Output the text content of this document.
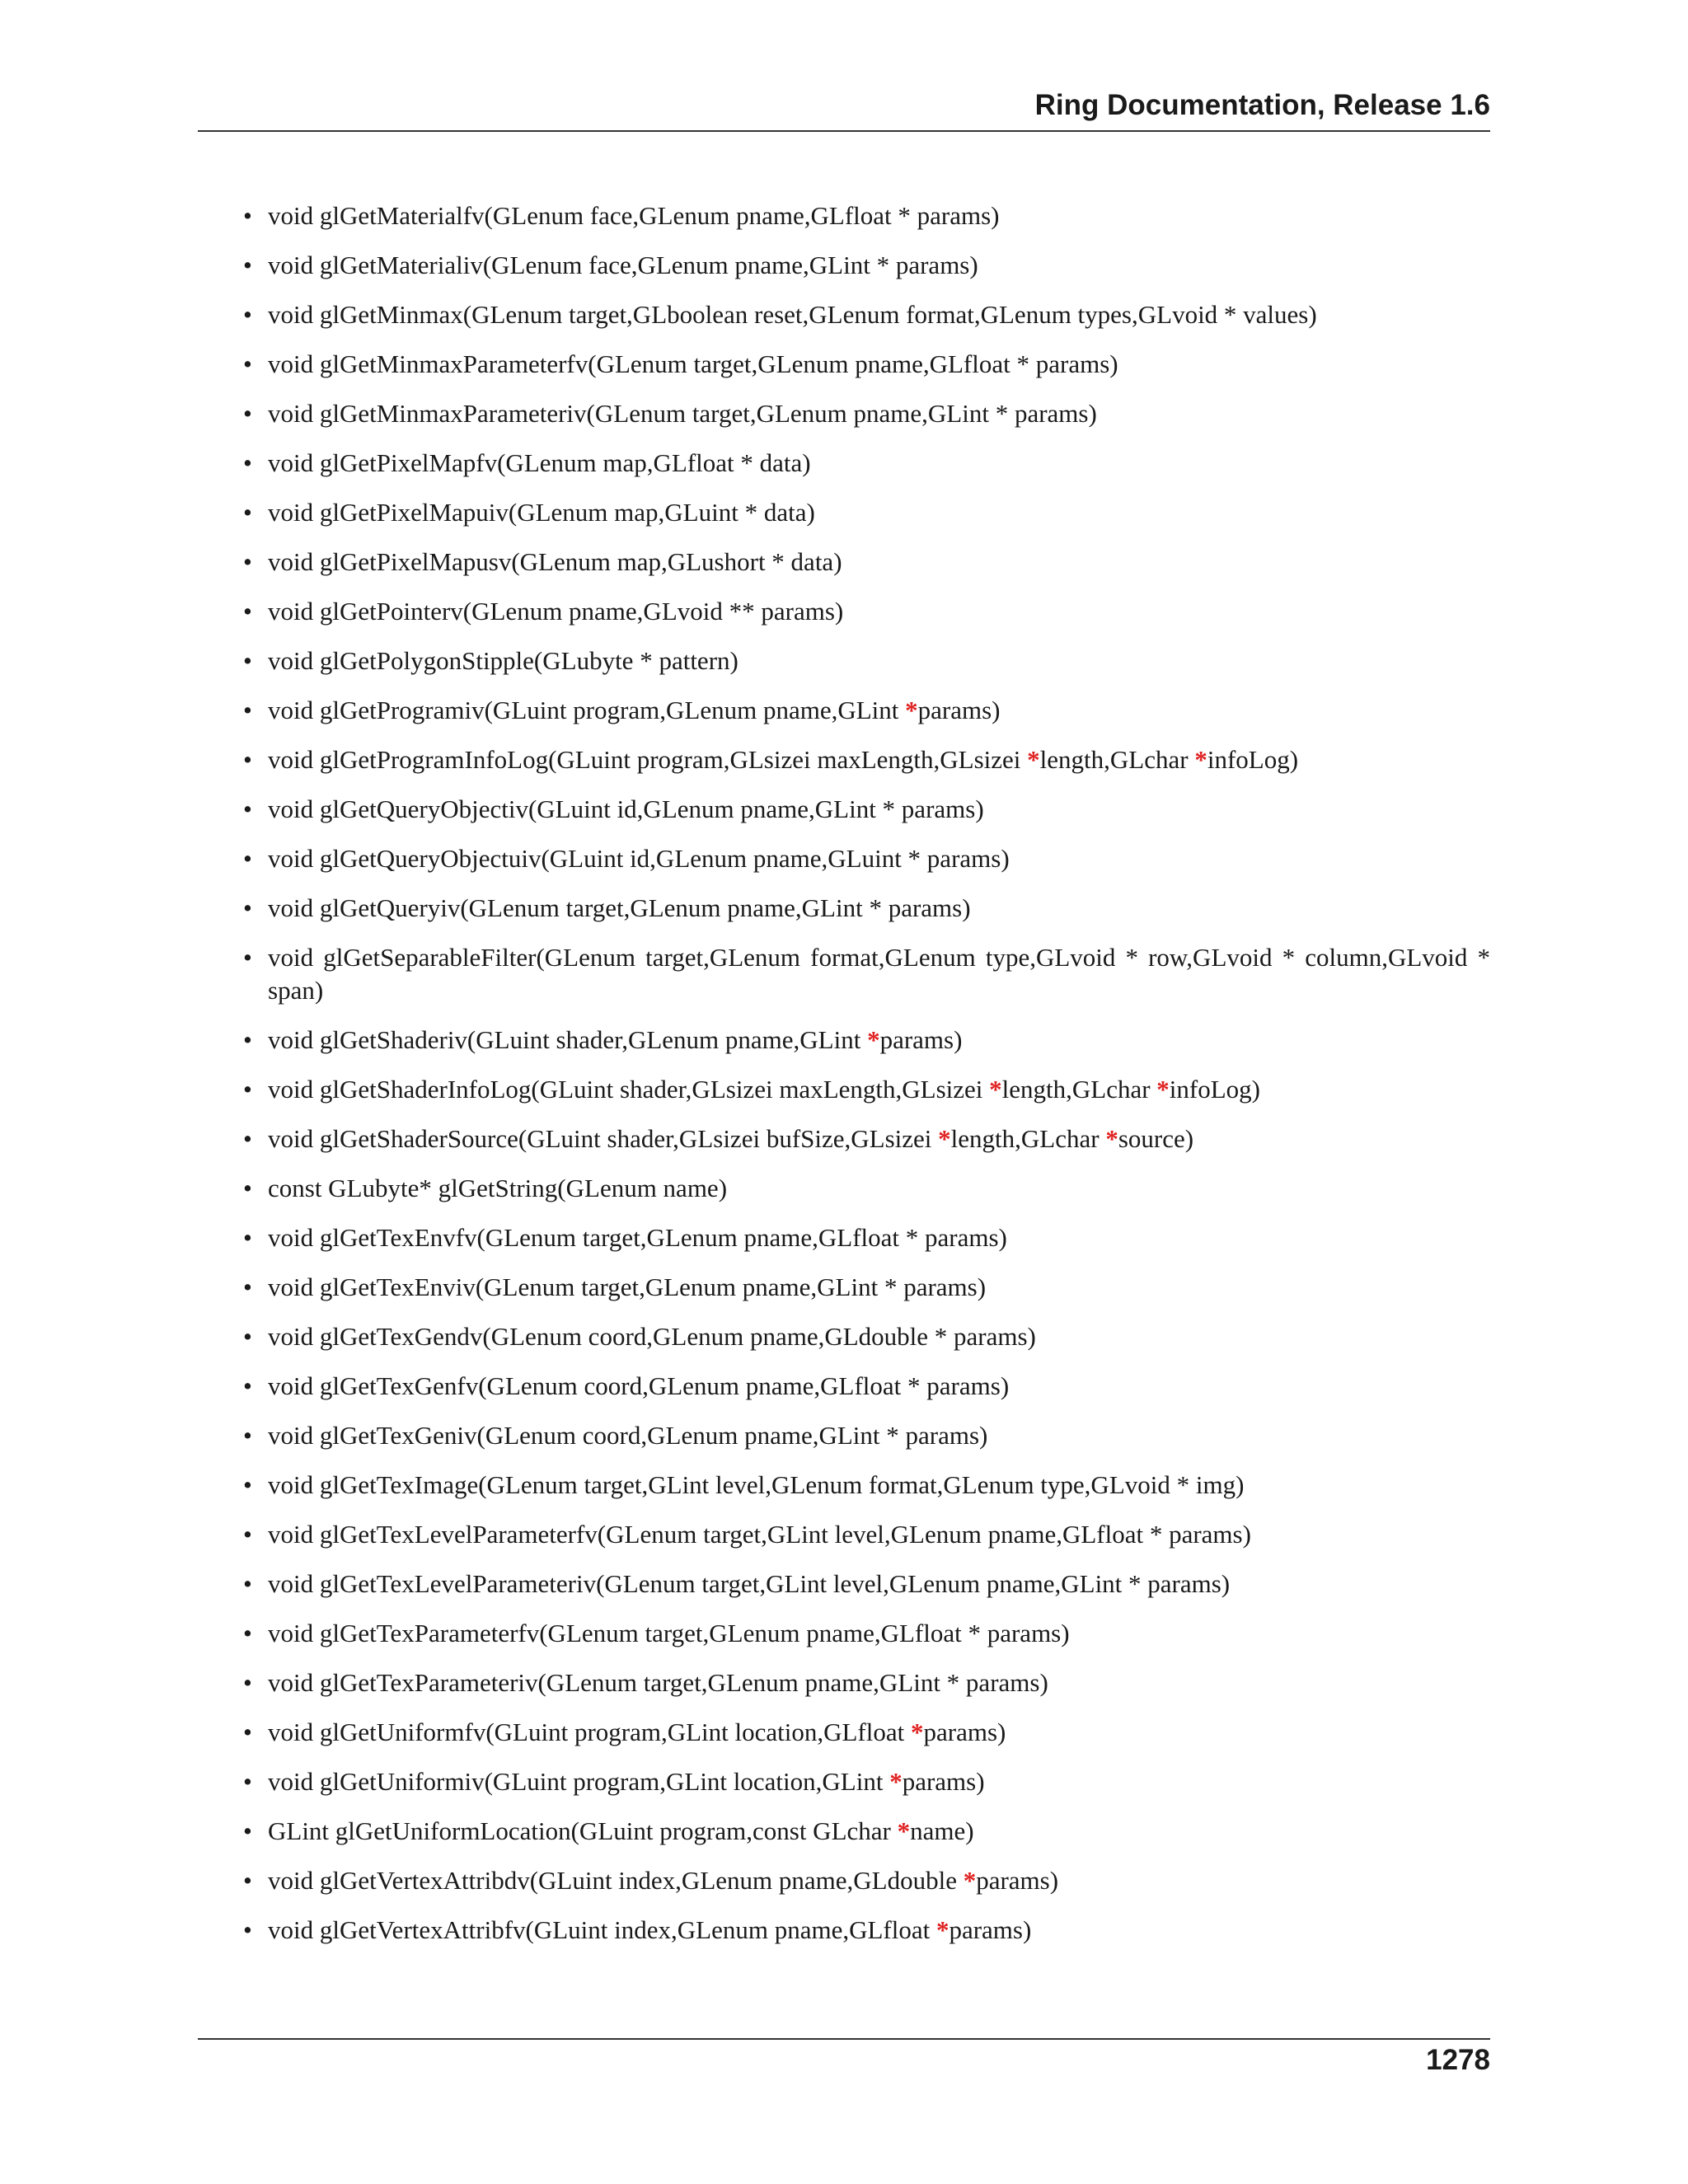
Ring Documentation, Release 1.6
• void glGetMaterialfv(GLenum face,GLenum pname,GLfloat * params)
• void glGetMaterialiv(GLenum face,GLenum pname,GLint * params)
• void glGetMinmax(GLenum target,GLboolean reset,GLenum format,GLenum types,GLvoid * values)
• void glGetMinmaxParameterfv(GLenum target,GLenum pname,GLfloat * params)
• void glGetMinmaxParameteriv(GLenum target,GLenum pname,GLint * params)
• void glGetPixelMapfv(GLenum map,GLfloat * data)
• void glGetPixelMapuiv(GLenum map,GLuint * data)
• void glGetPixelMapusv(GLenum map,GLushort * data)
• void glGetPointerv(GLenum pname,GLvoid ** params)
• void glGetPolygonStipple(GLubyte * pattern)
• void glGetProgramiv(GLuint program,GLenum pname,GLint *params)
• void glGetProgramInfoLog(GLuint program,GLsizei maxLength,GLsizei *length,GLchar *infoLog)
• void glGetQueryObjectiv(GLuint id,GLenum pname,GLint * params)
• void glGetQueryObjectuiv(GLuint id,GLenum pname,GLuint * params)
• void glGetQueryiv(GLenum target,GLenum pname,GLint * params)
• void glGetSeparableFilter(GLenum target,GLenum format,GLenum type,GLvoid * row,GLvoid * column,GLvoid * span)
• void glGetShaderiv(GLuint shader,GLenum pname,GLint *params)
• void glGetShaderInfoLog(GLuint shader,GLsizei maxLength,GLsizei *length,GLchar *infoLog)
• void glGetShaderSource(GLuint shader,GLsizei bufSize,GLsizei *length,GLchar *source)
• const GLubyte* glGetString(GLenum name)
• void glGetTexEnvfv(GLenum target,GLenum pname,GLfloat * params)
• void glGetTexEnviv(GLenum target,GLenum pname,GLint * params)
• void glGetTexGendv(GLenum coord,GLenum pname,GLdouble * params)
• void glGetTexGenfv(GLenum coord,GLenum pname,GLfloat * params)
• void glGetTexGeniv(GLenum coord,GLenum pname,GLint * params)
• void glGetTexImage(GLenum target,GLint level,GLenum format,GLenum type,GLvoid * img)
• void glGetTexLevelParameterfv(GLenum target,GLint level,GLenum pname,GLfloat * params)
• void glGetTexLevelParameteriv(GLenum target,GLint level,GLenum pname,GLint * params)
• void glGetTexParameterfv(GLenum target,GLenum pname,GLfloat * params)
• void glGetTexParameteriv(GLenum target,GLenum pname,GLint * params)
• void glGetUniformfv(GLuint program,GLint location,GLfloat *params)
• void glGetUniformiv(GLuint program,GLint location,GLint *params)
• GLint glGetUniformLocation(GLuint program,const GLchar *name)
• void glGetVertexAttribdv(GLuint index,GLenum pname,GLdouble *params)
• void glGetVertexAttribfv(GLuint index,GLenum pname,GLfloat *params)
1278
